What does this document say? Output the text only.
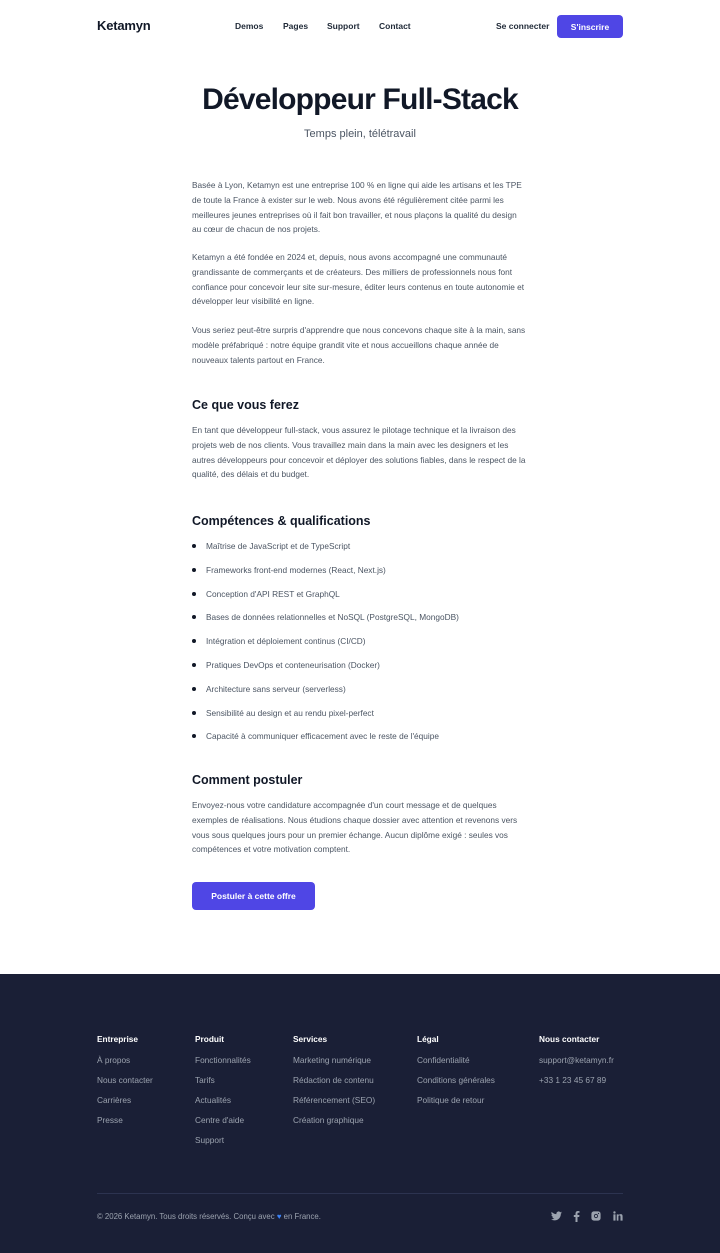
Ketamyn	Demos Pages Support Contact	Se connecter	S'inscrire
Développeur Full-Stack
Temps plein, télétravail

Basée à Lyon, Ketamyn est une entreprise 100 % en ligne qui aide les artisans et les TPE de toute la France à exister sur le web. Nous avons été régulièrement citée parmi les meilleures jeunes entreprises où il fait bon travailler, et nous plaçons la qualité du design au cœur de chacun de nos projets.

Ketamyn a été fondée en 2024 et, depuis, nous avons accompagné une communauté grandissante de commerçants et de créateurs. Des milliers de professionnels nous font confiance pour concevoir leur site sur-mesure, éditer leurs contenus en toute autonomie et développer leur visibilité en ligne.

Vous seriez peut-être surpris d'apprendre que nous concevons chaque site à la main, sans modèle préfabriqué : notre équipe grandit vite et nous accueillons chaque année de nouveaux talents partout en France.

Ce que vous ferez

En tant que développeur full-stack, vous assurez le pilotage technique et la livraison des projets web de nos clients. Vous travaillez main dans la main avec les designers et les autres développeurs pour concevoir et déployer des solutions fiables, dans le respect de la qualité, des délais et du budget.

Compétences & qualifications
Maîtrise de JavaScript et de TypeScript
Frameworks front-end modernes (React, Next.js)
Conception d'API REST et GraphQL
Bases de données relationnelles et NoSQL (PostgreSQL, MongoDB)
Intégration et déploiement continus (CI/CD)
Pratiques DevOps et conteneurisation (Docker)
Architecture sans serveur (serverless)
Sensibilité au design et au rendu pixel-perfect
Capacité à communiquer efficacement avec le reste de l'équipe
Comment postuler

Envoyez-nous votre candidature accompagnée d'un court message et de quelques exemples de réalisations. Nous étudions chaque dossier avec attention et revenons vers vous sous quelques jours pour un premier échange. Aucun diplôme exigé : seules vos compétences et votre motivation comptent.

Postuler à cette offre
Entreprise
À propos
Nous contacter
Carrières
Presse
Produit
Fonctionnalités
Tarifs
Actualités
Centre d'aide
Support
Services
Marketing numérique
Rédaction de contenu
Référencement (SEO)
Création graphique
Légal
Confidentialité
Conditions générales
Politique de retour
Nous contacter
support@ketamyn.fr
+33 1 23 45 67 89
© 2026 Ketamyn. Tous droits réservés. Conçu avec ♥ en France.
